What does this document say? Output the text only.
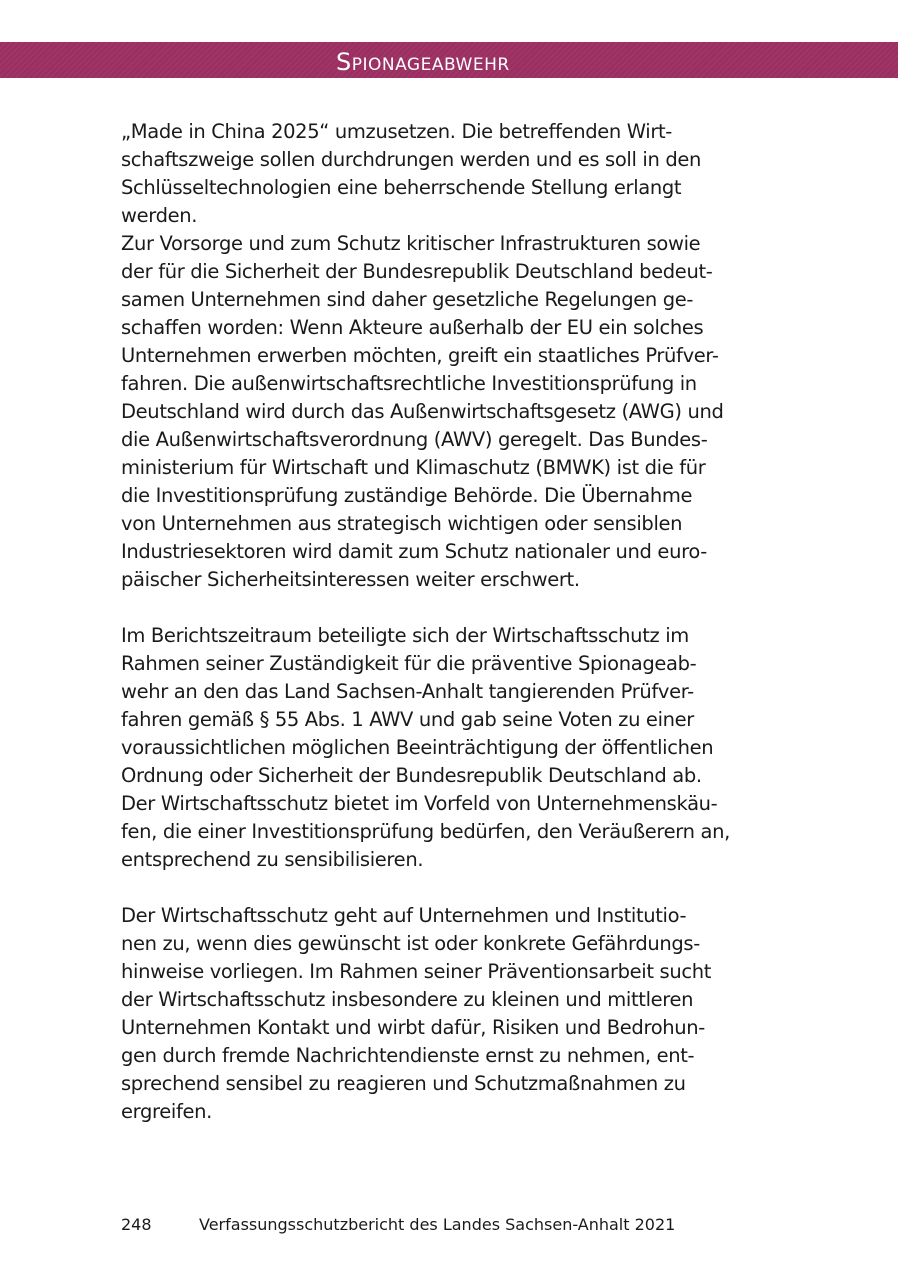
Spionageabwehr

„Made in China 2025“ umzusetzen. Die betreffenden Wirt-
schaftszweige sollen durchdrungen werden und es soll in den
Schlüsseltechnologien eine beherrschende Stellung erlangt
werden.
Zur Vorsorge und zum Schutz kritischer Infrastrukturen sowie
der für die Sicherheit der Bundesrepublik Deutschland bedeut-
samen Unternehmen sind daher gesetzliche Regelungen ge-
schaffen worden: Wenn Akteure außerhalb der EU ein solches
Unternehmen erwerben möchten, greift ein staatliches Prüfver-
fahren. Die außenwirtschaftsrechtliche Investitionsprüfung in
Deutschland wird durch das Außenwirtschaftsgesetz (AWG) und
die Außenwirtschaftsverordnung (AWV) geregelt. Das Bundes-
ministerium für Wirtschaft und Klimaschutz (BMWK) ist die für
die Investitionsprüfung zuständige Behörde. Die Übernahme
von Unternehmen aus strategisch wichtigen oder sensiblen
Industriesektoren wird damit zum Schutz nationaler und euro-
päischer Sicherheitsinteressen weiter erschwert.

Im Berichtszeitraum beteiligte sich der Wirtschaftsschutz im
Rahmen seiner Zuständigkeit für die präventive Spionageab-
wehr an den das Land Sachsen-Anhalt tangierenden Prüfver-
fahren gemäß § 55 Abs. 1 AWV und gab seine Voten zu einer
voraussichtlichen möglichen Beeinträchtigung der öffentlichen
Ordnung oder Sicherheit der Bundesrepublik Deutschland ab.
Der Wirtschaftsschutz bietet im Vorfeld von Unternehmenskäu-
fen, die einer Investitionsprüfung bedürfen, den Veräußerern an,
entsprechend zu sensibilisieren.

Der Wirtschaftsschutz geht auf Unternehmen und Institutio-
nen zu, wenn dies gewünscht ist oder konkrete Gefährdungs-
hinweise vorliegen. Im Rahmen seiner Präventionsarbeit sucht
der Wirtschaftsschutz insbesondere zu kleinen und mittleren
Unternehmen Kontakt und wirbt dafür, Risiken und Bedrohun-
gen durch fremde Nachrichtendienste ernst zu nehmen, ent-
sprechend sensibel zu reagieren und Schutzmaßnahmen zu
ergreifen.

248	Verfassungsschutzbericht des Landes Sachsen-Anhalt 2021
